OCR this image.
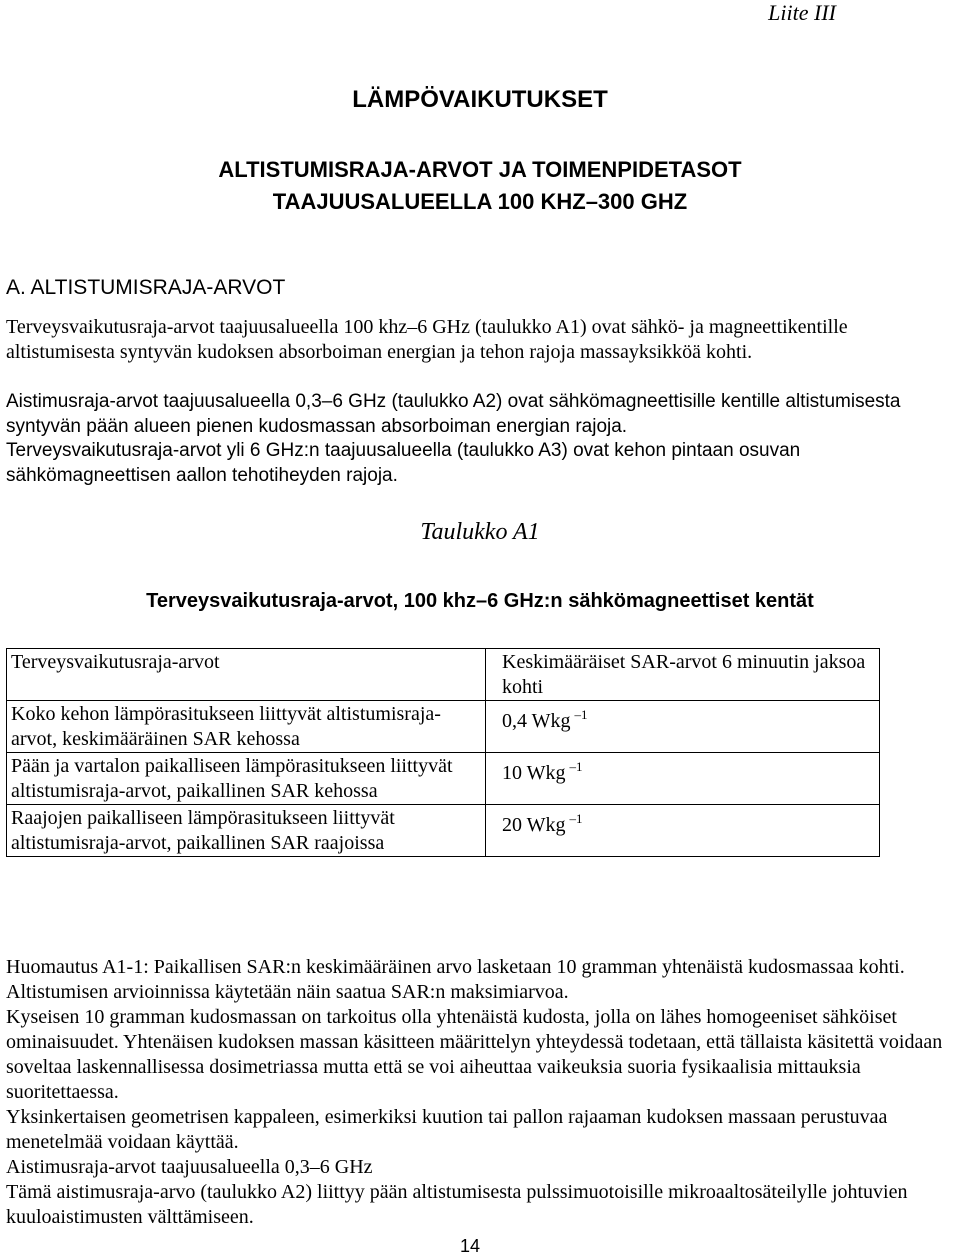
Liite III

LÄMPÖVAIKUTUKSET

ALTISTUMISRAJA-ARVOT JA TOIMENPIDETASOT
TAAJUUSALUEELLA 100 KHZ–300 GHZ

A. ALTISTUMISRAJA-ARVOT

Terveysvaikutusraja-arvot taajuusalueella 100 khz–6 GHz (taulukko A1) ovat sähkö- ja magneettikentille altistumisesta syntyvän kudoksen absorboiman energian ja tehon rajoja massayksikköä kohti.

Aistimusraja-arvot taajuusalueella 0,3–6 GHz (taulukko A2) ovat sähkömagneettisille kentille altistumisesta syntyvän pään alueen pienen kudosmassan absorboiman energian rajoja.

Terveysvaikutusraja-arvot yli 6 GHz:n taajuusalueella (taulukko A3) ovat kehon pintaan osuvan sähkömagneettisen aallon tehotiheyden rajoja.

Taulukko A1

Terveysvaikutusraja-arvot, 100 khz–6 GHz:n sähkömagneettiset kentät

Terveysvaikutusraja-arvot	Keskimääräiset SAR-arvot 6 minuutin jaksoa kohti
Koko kehon lämpörasitukseen liittyvät altistumisraja-arvot, keskimääräinen SAR kehossa	0,4 Wkg $^{-1}$
Pään ja vartalon paikalliseen lämpörasitukseen liittyvät altistumisraja-arvot, paikallinen SAR kehossa	10 Wkg $^{-1}$
Raajojen paikalliseen lämpörasitukseen liittyvät altistumisraja-arvot, paikallinen SAR raajoissa	20 Wkg $^{-1}$

Huomautus A1-1: Paikallisen SAR:n keskimääräinen arvo lasketaan 10 gramman yhtenäistä kudosmassaa kohti. Altistumisen arvioinnissa käytetään näin saatua SAR:n maksimiarvoa.

Kyseisen 10 gramman kudosmassan on tarkoitus olla yhtenäistä kudosta, jolla on lähes homogeeniset sähköiset ominaisuudet. Yhtenäisen kudoksen massan käsitteen määrittelyn yhteydessä todetaan, että tällaista käsitettä voidaan soveltaa laskennallisessa dosimetriassa mutta että se voi aiheuttaa vaikeuksia suoria fysikaalisia mittauksia suoritettaessa.

Yksinkertaisen geometrisen kappaleen, esimerkiksi kuution tai pallon rajaaman kudoksen massaan perustuvaa menetelmää voidaan käyttää.

Aistimusraja-arvot taajuusalueella 0,3–6 GHz

Tämä aistimusraja-arvo (taulukko A2) liittyy pään altistumisesta pulssimuotoisille mikroaaltosäteilylle johtuvien kuuloaistimusten välttämiseen.

14
